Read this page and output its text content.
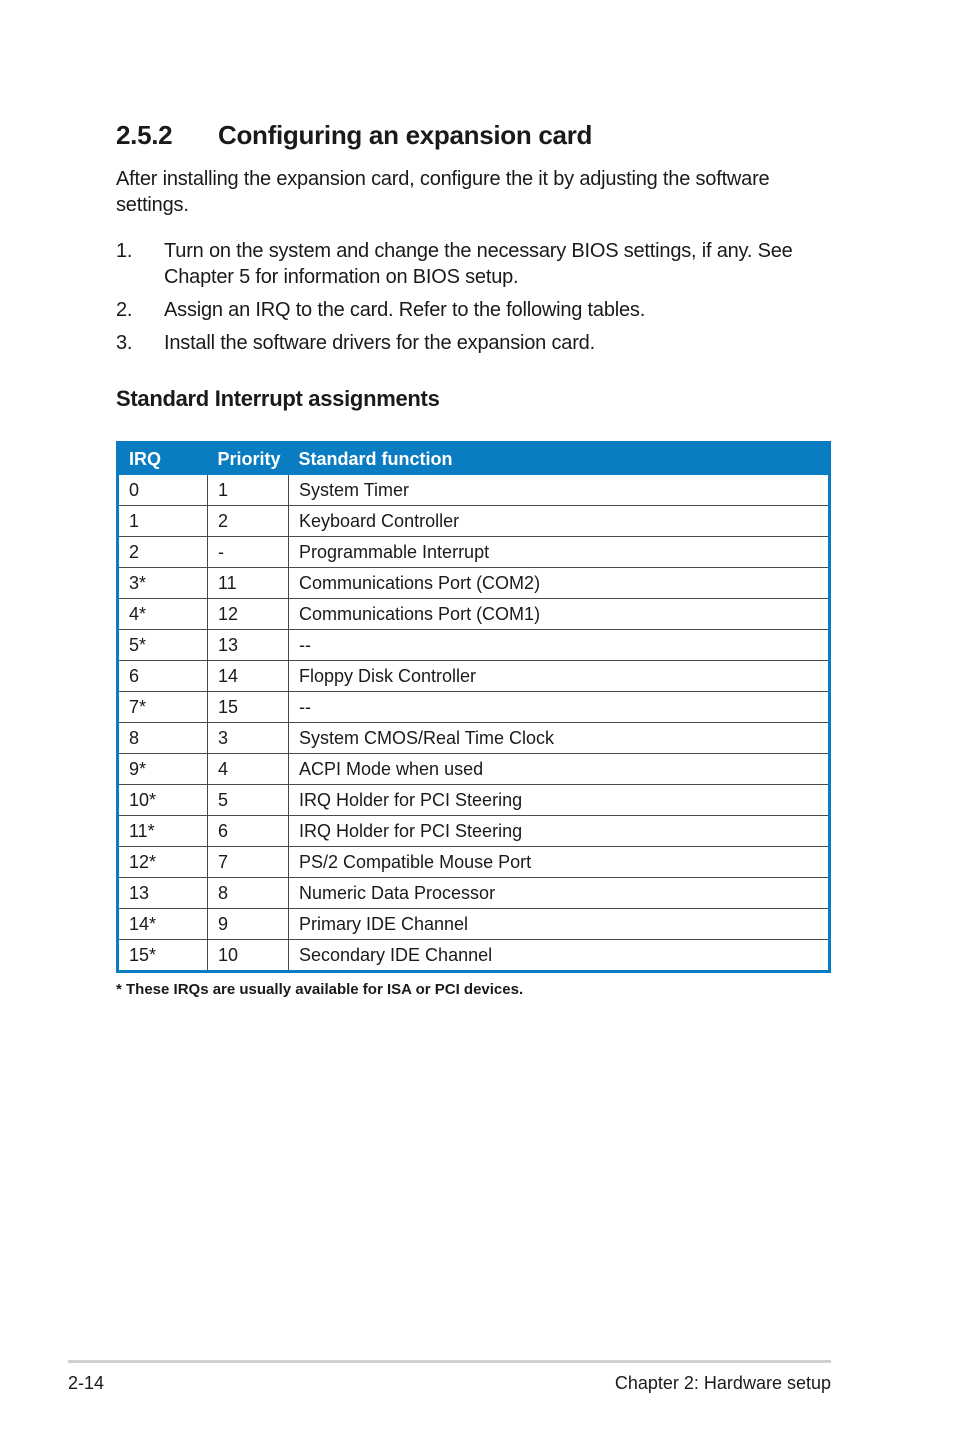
2.5.2 Configuring an expansion card
After installing the expansion card, configure the it by adjusting the software settings.
1.	Turn on the system and change the necessary BIOS settings, if any. See Chapter 5 for information on BIOS setup.
2.	Assign an IRQ to the card. Refer to the following tables.
3.	Install the software drivers for the expansion card.
Standard Interrupt assignments
IRQ	Priority	Standard function
0	1	System Timer
1	2	Keyboard Controller
2	-	Programmable Interrupt
3*	11	Communications Port (COM2)
4*	12	Communications Port (COM1)
5*	13	--
6	14	Floppy Disk Controller
7*	15	--
8	3	System CMOS/Real Time Clock
9*	4	ACPI Mode when used
10*	5	IRQ Holder for PCI Steering
11*	6	IRQ Holder for PCI Steering
12*	7	PS/2 Compatible Mouse Port
13	8	Numeric Data Processor
14*	9	Primary IDE Channel
15*	10	Secondary IDE Channel
* These IRQs are usually available for ISA or PCI devices.
2-14	Chapter 2: Hardware setup
